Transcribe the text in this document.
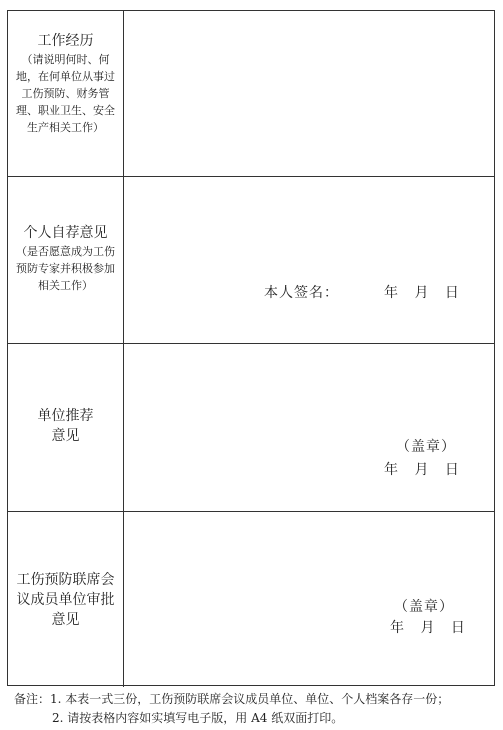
工作经历
（请说明何时、何地，在何单位从事过工伤预防、财务管理、职业卫生、安全生产相关工作）
个人自荐意见
（是否愿意成为工伤预防专家并积极参加相关工作）	本人签名：	年 月 日
单位推荐
意见
（盖章）
年 月 日
工伤预防联席会
议成员单位审批
意见
（盖章）
年 月 日
备注：1. 本表一式三份，工伤预防联席会议成员单位、单位、个人档案各存一份；
2. 请按表格内容如实填写电子版，用 A4 纸双面打印。
